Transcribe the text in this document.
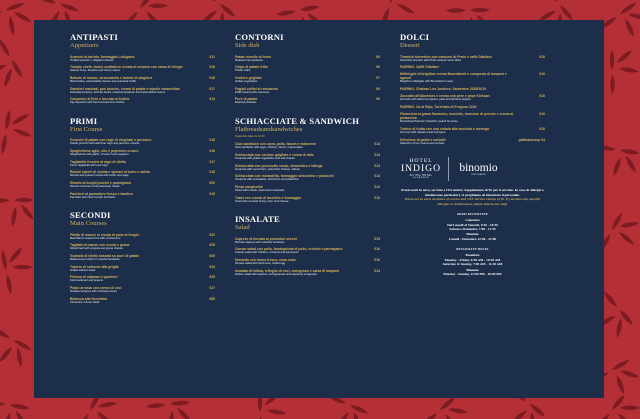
ANTIPASTI
Appetizers
Arancini al tartufo, formaggio Lodigiano	€11
Truffled arancini, Lodigiano cheese
Tomato chefs: tonno scottato in crosta di sesamo con salsa di ciliegie	€16
Seared Tuna, Sesame and cherry sauce
Battuto di manzo, stracciatella e tartufo di stagione	€18
Beef tartare, stracciatella cheese and seasonal truffle
Gamberi marinati, pan brioche, crema di patate e cipolle caramellate	€17
Marinated prawns, brioche bread, creamed potatoes and caramelized onions
Carpaccio di fichi e burrata di Andria	€14
Fig carpaccio with fresh burrata from Andria
PRIMI
First Course
Gnocchi di patate con ragù di cinghiale e pecorino	€18
Potato gnocchi with wild boar ragù and pecorino cheese
Spaghettone aglio, olio e peperone crusco	€16
Spaghettone with garlic, oil and crusco peppers
Tagliatelle fresche al ragù di vitello	€17
Fresh tagliatelle with veal ragù
Ravioli ripieni di ricotta e spinaci al burro e salvia	€18
Ricotta and spinach ravioli with butter and sage
Risotto ai funghi porcini e parmigiano	€20
Porcini mushroom and parmesan risotto
Paccheri al pomodoro fresco e basilico	€16
Paccheri with fresh tomato and basil
SECONDI
Main Courses
Filetto di manzo in crosta di pane ai funghi	€32
Beef fillet in bread crust with mushrooms
Tagliata di manzo con rucola e grana	€28
Sliced beef with arugula and grana cheese
Guancia di vitello brasata su purè di patate	€26
Braised veal cheek on mashed potatoes
Trancio di salmone alla griglia	€24
Grilled salmon steak
Frittura di calamari e gamberi	€25
Fried calamari and prawns
Polpo arrosto con crema di ceci	€27
Roasted octopus with chickpea cream
Bistecca alla fiorentina	€65
Florentine T-bone steak
CONTORNI
Side dish
Patate novelle al forno	€6
Roasted new potatoes
Chips di patate fritte	€6
Potato chips
Verdure grigliate	€7
Grilled vegetables
Fagioli zolfini al rosmarino	€6
Zolfini beans with rosemary
Purè di patate	€6
Mashed potatoes
SCHIACCIATE & SANDWICH
Flatbreadsandsandwiches
Disponibili dalle ore 11:30
Club sandwich con uova, pollo, bacon e maionese	€14
Club sandwich with eggs, chicken, bacon, mayonnaise
Schiacciata con verdure grigliate e crema di latte	€14
Focaccia with grilled vegetables and soft cheese
Schiacciata con prosciutto crudo, stracchino e lattuga	€14
Focaccia with cured ham, stracchino cheese, lettuce
Schiacciata con mortadella, formaggio stracchino e pistacchi	€14
Focaccia with mortadella, stracchino and pistachios
Pinsa margherita	€12
Pinsa with tomato, basil and mozzarella
Toast con crosta di tacchino e formaggio	€10
Toast with smoked turkey, ham and cheese
INSALATE
Salad
Caprese di burrata al pomodori secchi	€15
Burrata caprese with sundried tomatoes
Caesar salad con pollo, fondoghiota di pollo, crostini e parmigiano	€16
Caesar salad with chicken, croutons and parmesan
Nizzarda con tonno fresco, uova sode	€16
Nicoise salad with fresh tuna, boiled egg
Insalata di indivia, trifoglio di noci, melograno e salsa di lamponi	€14
Endive salad with walnuts, pomegranate and raspberry vinaigrette
DOLCI
Dessert
Tiramisù fiorentino con cantucci di Prato e caffè Ditaliani	€10
Florentine tiramisù with Prato cantucci and coffee
PAIRING: Caffè Ditaliani
Millefoglie di brigidine crema Buontalenti e composta di lamponi e agrumi
€10
Brigidino millefoglie with Buontalenti cream
PAIRING: Chateau Les Justices, Sauternes 2018/2019
Zuccotto all'Alkermes e crema con pere e pepe Sichuan	€10
Zuccotto with Alkermes liqueur, pear and Sichuan pepper
PAIRING: Ca di Rajo, Torchiato di Fregona 2016
Financiera al grano Saraceno, nocciole, brunoise di pesche e crema al pistacchio
€10
Buckwheat financier, hazelnut, peach brunoise
Tortino di frutta con una ciotola alla nocciola e meringa	€10
Fruit tart with hazelnut and meringue
Selezione di gelati e sorbetti	pallina/scoop €4
Selection of ice creams and sorbets
HOTEL
INDIGO
AN IHG HOTEL
FLORENCE
binomio
RISTORANTE
Prezzi netti in euro, servizio e IVA inclusi. Supplemento di 5€ per il servizio. In caso di allergie o intolleranze particolari, vi preghiamo di informare il personale.
Prices are in euro, inclusive of service and VAT. Service charge of 5€. If you have any specific allergies or intolerances, please inform our staff.
ORARI RISTORANTE
Colazione
Dal Lunedì al Venerdì, 6:30 - 10:30
Sabato e Domenica, 7:00 - 11:30
Binomio
Lunedì - Domenica 12:00 - 22:00
RESTAURANT HOURS
Breakfast
Monday - Friday, 6:30 AM - 10:30 AM
Saturday & Sunday, 7:00 AM - 11:30 AM
Binomio
Monday - Sunday, 12:00 PM - 10:00 PM
